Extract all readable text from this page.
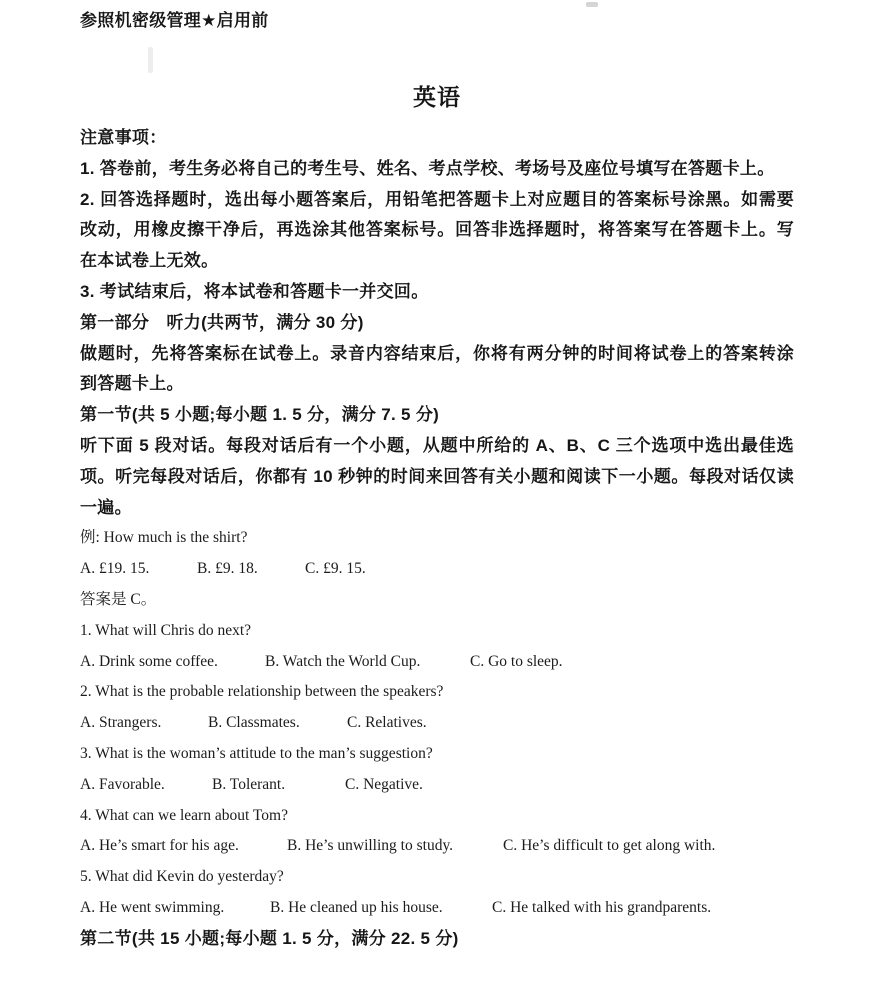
参照机密级管理★启用前
英语
注意事项：
1. 答卷前，考生务必将自己的考生号、姓名、考点学校、考场号及座位号填写在答题卡上。
2. 回答选择题时，选出每小题答案后，用铅笔把答题卡上对应题目的答案标号涂黑。如需要
改动，用橡皮擦干净后，再选涂其他答案标号。回答非选择题时，将答案写在答题卡上。写
在本试卷上无效。
3. 考试结束后，将本试卷和答题卡一并交回。
第一部分　听力(共两节，满分 30 分)
做题时，先将答案标在试卷上。录音内容结束后，你将有两分钟的时间将试卷上的答案转涂
到答题卡上。
第一节(共 5 小题;每小题 1. 5 分，满分 7. 5 分)
听下面 5 段对话。每段对话后有一个小题，从题中所给的 A、B、C 三个选项中选出最佳选
项。听完每段对话后，你都有 10 秒钟的时间来回答有关小题和阅读下一小题。每段对话仅读
一遍。
例: How much is the shirt?
A. £19. 15.	B. £9. 18.	C. £9. 15.
答案是 C。
1. What will Chris do next?
A. Drink some coffee.	B. Watch the World Cup.	C. Go to sleep.
2. What is the probable relationship between the speakers?
A. Strangers.	B. Classmates.	C. Relatives.
3. What is the woman’s attitude to the man’s suggestion?
A. Favorable.	B. Tolerant.	C. Negative.
4. What can we learn about Tom?
A. He’s smart for his age.	B. He’s unwilling to study.	C. He’s difficult to get along with.
5. What did Kevin do yesterday?
A. He went swimming.	B. He cleaned up his house.	C. He talked with his grandparents.
第二节(共 15 小题;每小题 1. 5 分，满分 22. 5 分)
